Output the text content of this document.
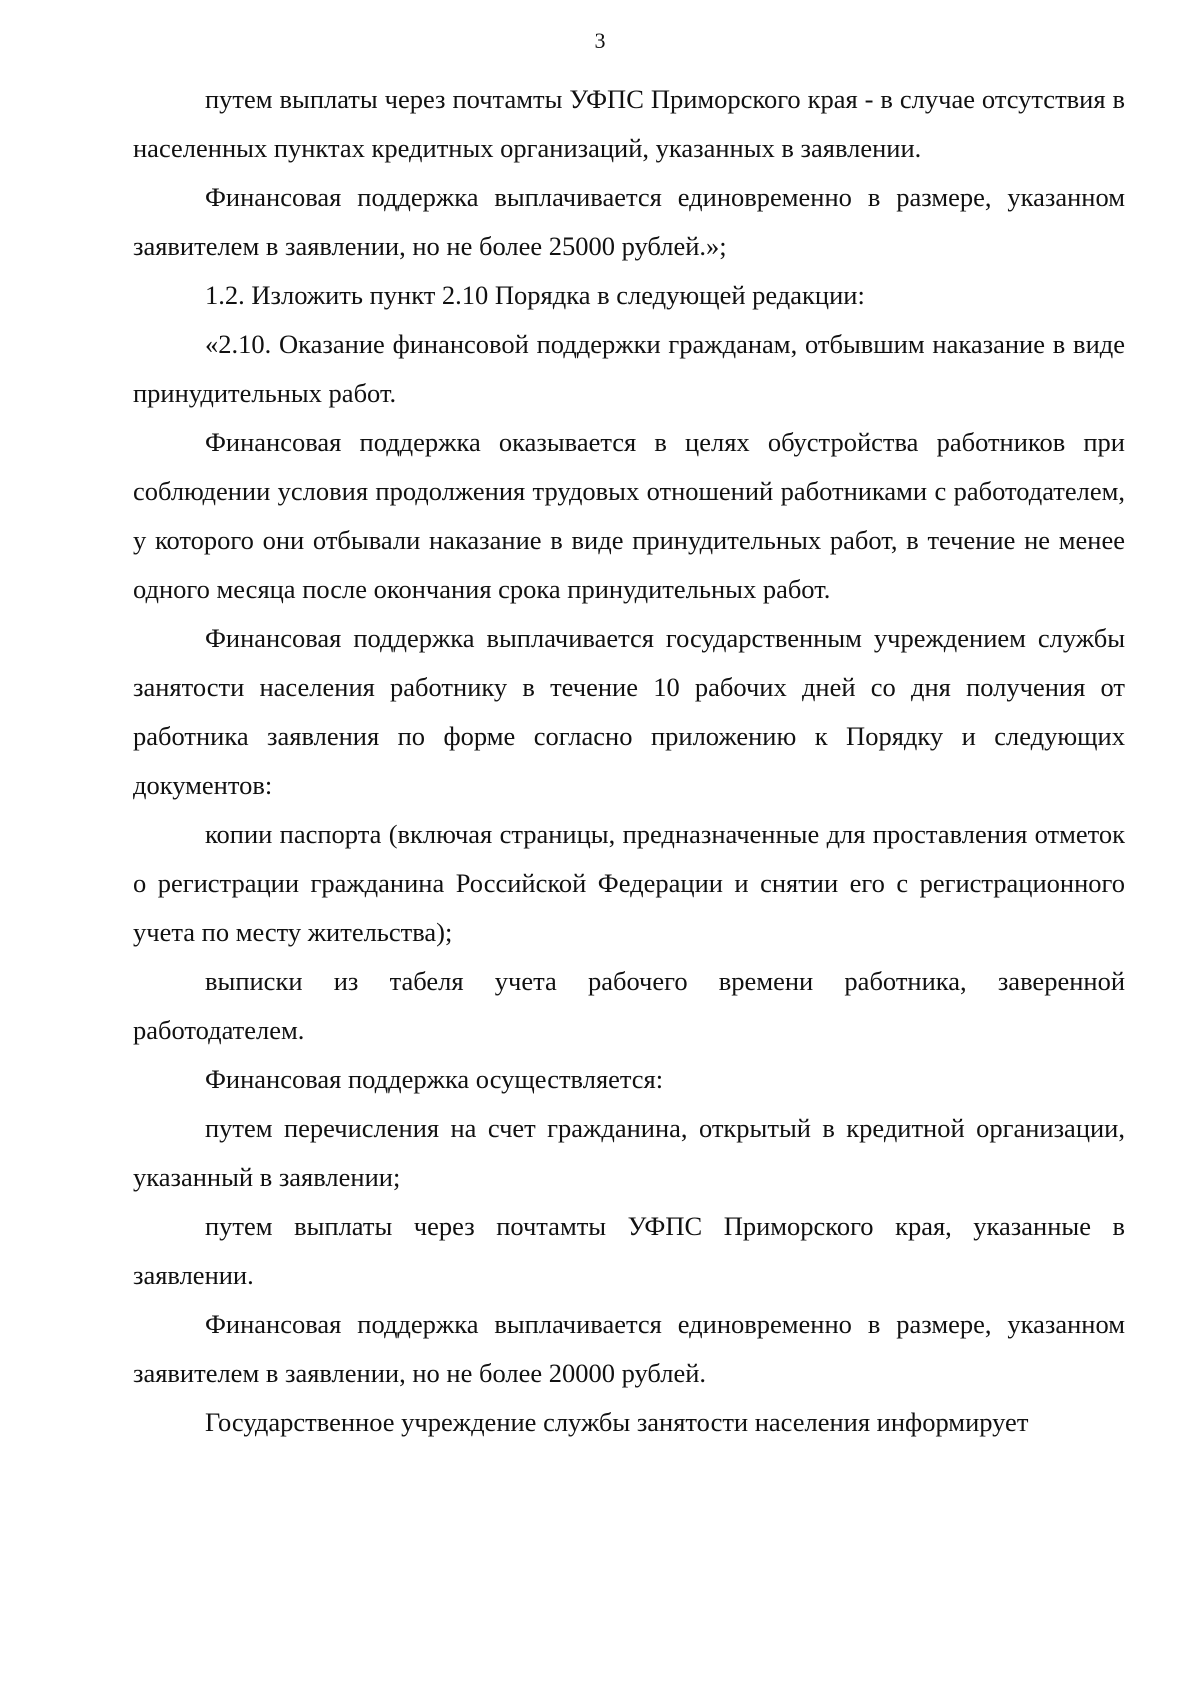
3

путем выплаты через почтамты УФПС Приморского края - в случае отсутствия в населенных пунктах кредитных организаций, указанных в заявлении.

Финансовая поддержка выплачивается единовременно в размере, указанном заявителем в заявлении, но не более 25000 рублей.»;

1.2. Изложить пункт 2.10 Порядка в следующей редакции:

«2.10. Оказание финансовой поддержки гражданам, отбывшим наказание в виде принудительных работ.

Финансовая поддержка оказывается в целях обустройства работников при соблюдении условия продолжения трудовых отношений работниками с работодателем, у которого они отбывали наказание в виде принудительных работ, в течение не менее одного месяца после окончания срока принудительных работ.

Финансовая поддержка выплачивается государственным учреждением службы занятости населения работнику в течение 10 рабочих дней со дня получения от работника заявления по форме согласно приложению к Порядку и следующих документов:

копии паспорта (включая страницы, предназначенные для проставления отметок о регистрации гражданина Российской Федерации и снятии его с регистрационного учета по месту жительства);

выписки из табеля учета рабочего времени работника, заверенной работодателем.

Финансовая поддержка осуществляется:

путем перечисления на счет гражданина, открытый в кредитной организации, указанный в заявлении;

путем выплаты через почтамты УФПС Приморского края, указанные в заявлении.

Финансовая поддержка выплачивается единовременно в размере, указанном заявителем в заявлении, но не более 20000 рублей.

Государственное учреждение службы занятости населения информирует
